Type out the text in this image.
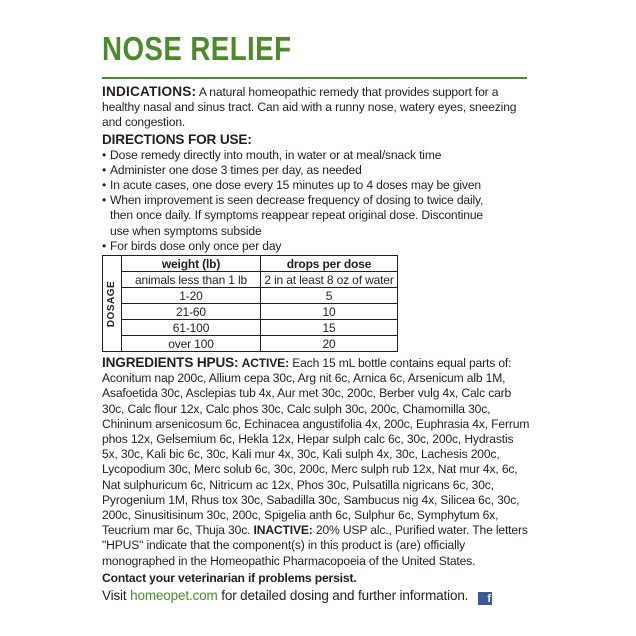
NOSE RELIEF

INDICATIONS: A natural homeopathic remedy that provides support for a healthy nasal and sinus tract. Can aid with a runny nose, watery eyes, sneezing and congestion.

DIRECTIONS FOR USE:
• Dose remedy directly into mouth, in water or at meal/snack time
• Administer one dose 3 times per day, as needed
• In acute cases, one dose every 15 minutes up to 4 doses may be given
• When improvement is seen decrease frequency of dosing to twice daily,
then once daily. If symptoms reappear repeat original dose. Discontinue
use when symptoms subside
• For birds dose only once per day
DOSAGE	weight (lb)	drops per dose
	animals less than 1 lb	2 in at least 8 oz of water
	1-20	5
	21-60	10
	61-100	15
	over 100	20

INGREDIENTS HPUS: ACTIVE: Each 15 mL bottle contains equal parts of: Aconitum nap 200c, Allium cepa 30c, Arg nit 6c, Arnica 6c, Arsenicum alb 1M, Asafoetida 30c, Asclepias tub 4x, Aur met 30c, 200c, Berber vulg 4x, Calc carb 30c, Calc flour 12x, Calc phos 30c, Calc sulph 30c, 200c, Chamomilla 30c, Chininum arsenicosum 6c, Echinacea angustifolia 4x, 200c, Euphrasia 4x, Ferrum phos 12x, Gelsemium 6c, Hekla 12x, Hepar sulph calc 6c, 30c, 200c, Hydrastis 5x, 30c, Kali bic 6c, 30c, Kali mur 4x, 30c, Kali sulph 4x, 30c, Lachesis 200c, Lycopodium 30c, Merc solub 6c, 30c, 200c, Merc sulph rub 12x, Nat mur 4x, 6c, Nat sulphuricum 6c, Nitricum ac 12x, Phos 30c, Pulsatilla nigricans 6c, 30c, Pyrogenium 1M, Rhus tox 30c, Sabadilla 30c, Sambucus nig 4x, Silicea 6c, 30c, 200c, Sinusitisinum 30c, 200c, Spigelia anth 6c, Sulphur 6c, Symphytum 6x, Teucrium mar 6c, Thuja 30c. INACTIVE: 20% USP alc., Purified water. The letters "HPUS" indicate that the component(s) in this product is (are) officially monographed in the Homeopathic Pharmacopoeia of the United States.

Contact your veterinarian if problems persist.

Visit homeopet.com for detailed dosing and further information. f
